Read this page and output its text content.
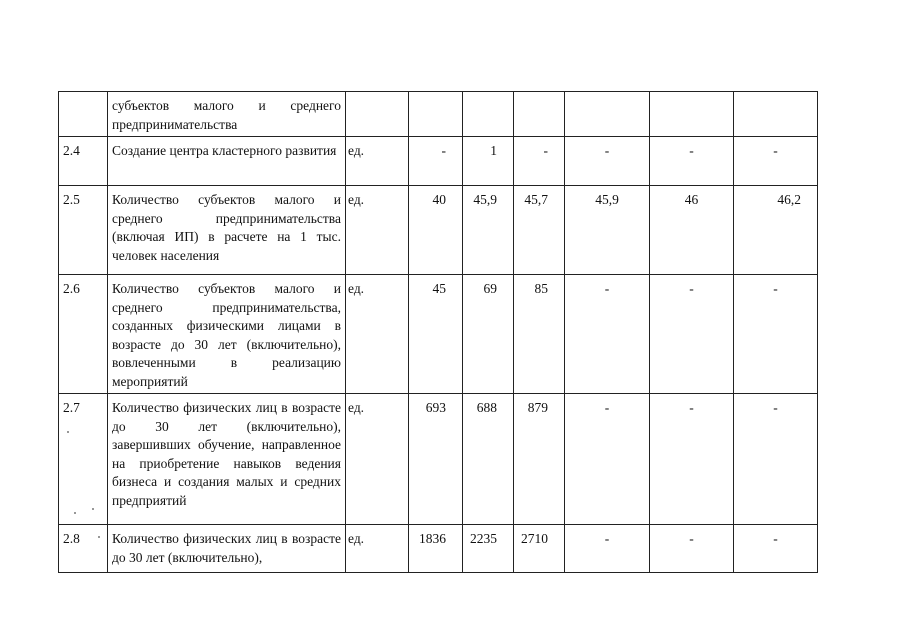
	субъектов малого и среднего предпринимательства							
2.4	Создание центра кластерного развития	ед.	-	1	-	-	-	-
2.5	Количество субъектов малого и среднего предпринимательства (включая ИП) в расчете на 1 тыс. человек населения	ед.	40	45,9	45,7	45,9	46	46,2
2.6	Количество субъектов малого и среднего предпринимательства, созданных физическими лицами в возрасте до 30 лет (включительно), вовлеченными в реализацию мероприятий	ед.	45	69	85	-	-	-
2.7	Количество физических лиц в возрасте до 30 лет (включительно), завершивших обучение, направленное на приобретение навыков ведения бизнеса и создания малых и средних предприятий	ед.	693	688	879	-	-	-
2.8	Количество физических лиц в возрасте до 30 лет (включительно),	ед.	1836	2235	2710	-	-	-
